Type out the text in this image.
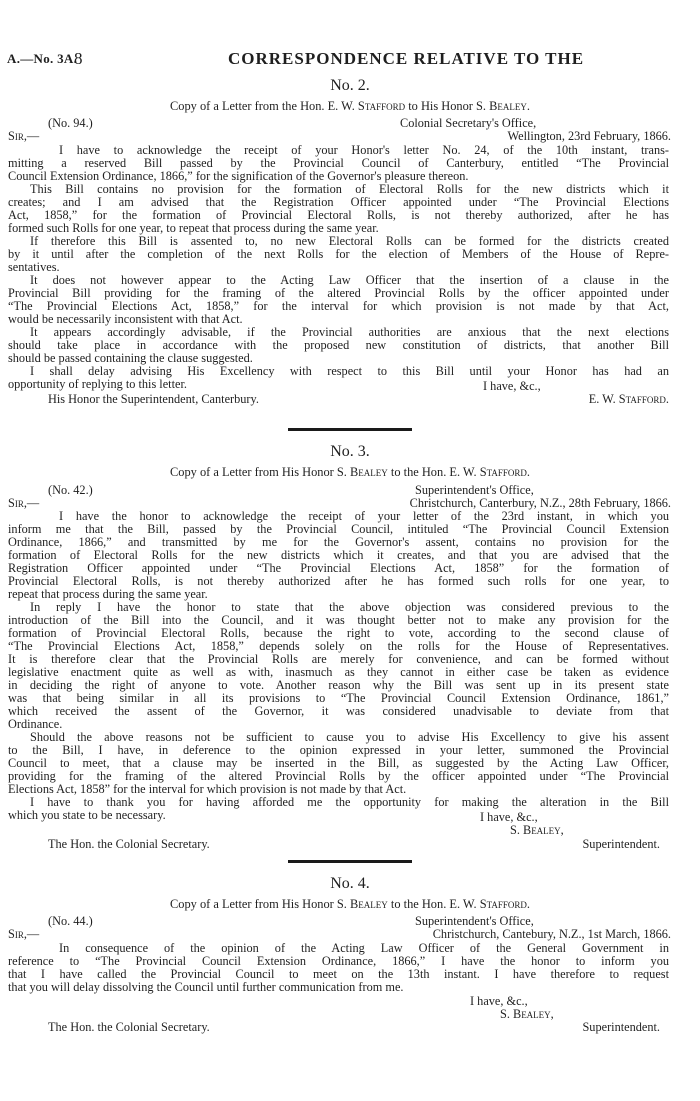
A.—No. 3A.
8	CORRESPONDENCE RELATIVE TO THE
No. 2.
Copy of a Letter from the Hon. E. W. Stafford to His Honor S. Bealey.
(No. 94.)	Colonial Secretary's Office,
Sir,—	Wellington, 23rd February, 1866.
I have to acknowledge the receipt of your Honor's letter No. 24, of the 10th instant, trans-
mitting a reserved Bill passed by the Provincial Council of Canterbury, entitled “The Provincial
Council Extension Ordinance, 1866,” for the signification of the Governor's pleasure thereon.
This Bill contains no provision for the formation of Electoral Rolls for the new districts which it
creates; and I am advised that the Registration Officer appointed under “The Provincial Elections
Act, 1858,” for the formation of Provincial Electoral Rolls, is not thereby authorized, after he has
formed such Rolls for one year, to repeat that process during the same year.
If therefore this Bill is assented to, no new Electoral Rolls can be formed for the districts created
by it until after the completion of the next Rolls for the election of Members of the House of Repre-
sentatives.
It does not however appear to the Acting Law Officer that the insertion of a clause in the
Provincial Bill providing for the framing of the altered Provincial Rolls by the officer appointed under
“The Provincial Elections Act, 1858,” for the interval for which provision is not made by that Act,
would be necessarily inconsistent with that Act.
It appears accordingly advisable, if the Provincial authorities are anxious that the next elections
should take place in accordance with the proposed new constitution of districts, that another Bill
should be passed containing the clause suggested.
I shall delay advising His Excellency with respect to this Bill until your Honor has had an
opportunity of replying to this letter.	I have, &c.,
His Honor the Superintendent, Canterbury.	E. W. Stafford.
No. 3.
Copy of a Letter from His Honor S. Bealey to the Hon. E. W. Stafford.
(No. 42.)	Superintendent's Office,
Sir,—	Christchurch, Canterbury, N.Z., 28th February, 1866.
I have the honor to acknowledge the receipt of your letter of the 23rd instant, in which you
inform me that the Bill, passed by the Provincial Council, intituled “The Provincial Council Extension
Ordinance, 1866,” and transmitted by me for the Governor's assent, contains no provision for the
formation of Electoral Rolls for the new districts which it creates, and that you are advised that the
Registration Officer appointed under “The Provincial Elections Act, 1858” for the formation of
Provincial Electoral Rolls, is not thereby authorized after he has formed such rolls for one year, to
repeat that process during the same year.
In reply I have the honor to state that the above objection was considered previous to the
introduction of the Bill into the Council, and it was thought better not to make any provision for the
formation of Provincial Electoral Rolls, because the right to vote, according to the second clause of
“The Provincial Elections Act, 1858,” depends solely on the rolls for the House of Representatives.
It is therefore clear that the Provincial Rolls are merely for convenience, and can be formed without
legislative enactment quite as well as with, inasmuch as they cannot in either case be taken as evidence
in deciding the right of anyone to vote. Another reason why the Bill was sent up in its present state
was that being similar in all its provisions to “The Provincial Council Extension Ordinance, 1861,”
which received the assent of the Governor, it was considered unadvisable to deviate from that
Ordinance.
Should the above reasons not be sufficient to cause you to advise His Excellency to give his assent
to the Bill, I have, in deference to the opinion expressed in your letter, summoned the Provincial
Council to meet, that a clause may be inserted in the Bill, as suggested by the Acting Law Officer,
providing for the framing of the altered Provincial Rolls by the officer appointed under “The Provincial
Elections Act, 1858” for the interval for which provision is not made by that Act.
I have to thank you for having afforded me the opportunity for making the alteration in the Bill
which you state to be necessary.	I have, &c.,
S. Bealey,
The Hon. the Colonial Secretary.	Superintendent.
No. 4.
Copy of a Letter from His Honor S. Bealey to the Hon. E. W. Stafford.
(No. 44.)	Superintendent's Office,
Sir,—	Christchurch, Cantebury, N.Z., 1st March, 1866.
In consequence of the opinion of the Acting Law Officer of the General Government in
reference to “The Provincial Council Extension Ordinance, 1866,” I have the honor to inform you
that I have called the Provincial Council to meet on the 13th instant. I have therefore to request
that you will delay dissolving the Council until further communication from me.
I have, &c.,
S. Bealey,
The Hon. the Colonial Secretary.	Superintendent.
